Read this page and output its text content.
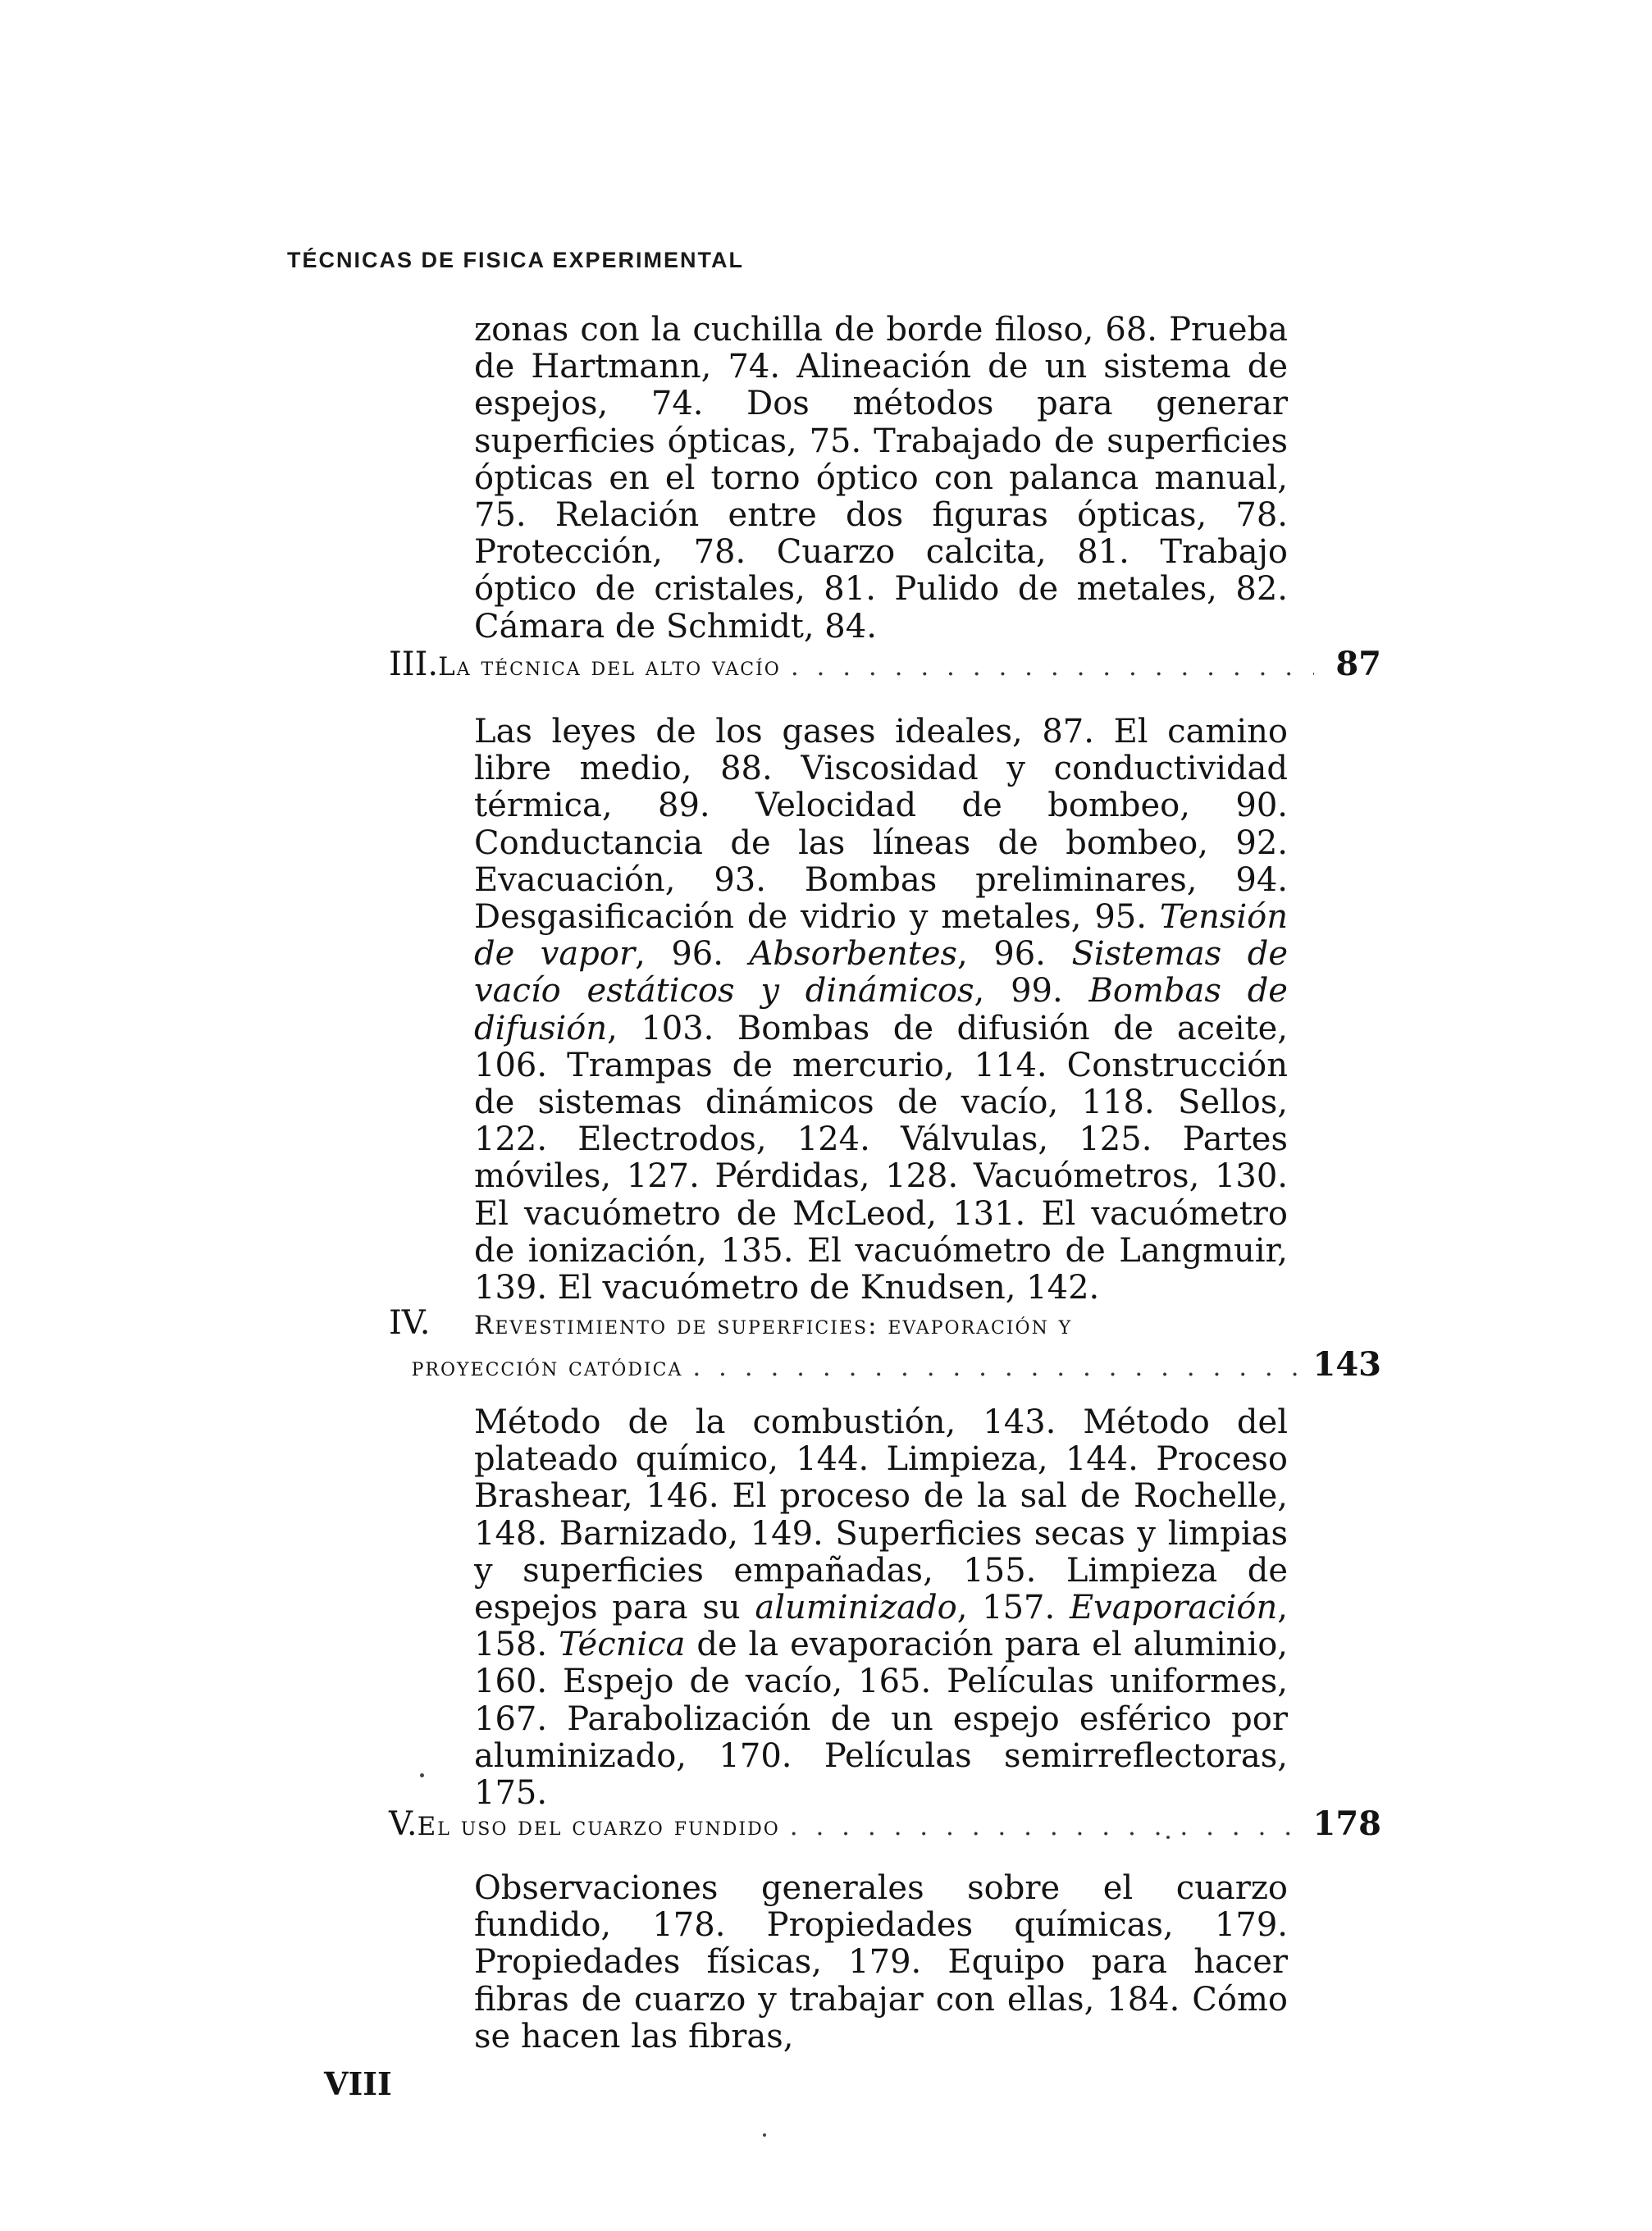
TÉCNICAS DE FISICA EXPERIMENTAL

zonas con la cuchilla de borde filoso, 68. Prueba de Hartmann, 74. Alineación de un sistema de espejos, 74. Dos métodos para generar superficies ópticas, 75. Trabajado de superficies ópticas en el torno óptico con palanca manual, 75. Relación entre dos figuras ópticas, 78. Protección, 78. Cuarzo calcita, 81. Trabajo óptico de cristales, 81. Pulido de metales, 82. Cámara de Schmidt, 84.

III. La técnica del alto vacío . . .	87

Las leyes de los gases ideales, 87. El camino libre medio, 88. Viscosidad y conductividad térmica, 89. Velocidad de bombeo, 90. Conductancia de las líneas de bombeo, 92. Evacuación, 93. Bombas preliminares, 94. Desgasificación de vidrio y metales, 95. Tensión de vapor, 96. Absorbentes, 96. Sistemas de vacío estáticos y dinámicos, 99. Bombas de difusión, 103. Bombas de difusión de aceite, 106. Trampas de mercurio, 114. Construcción de sistemas dinámicos de vacío, 118. Sellos, 122. Electrodos, 124. Válvulas, 125. Partes móviles, 127. Pérdidas, 128. Vacuómetros, 130. El vacuómetro de McLeod, 131. El vacuómetro de ionización, 135. El vacuómetro de Langmuir, 139. El vacuómetro de Knudsen, 142.

IV.	Revestimiento de superficies: evaporación y
proyección catódica . . .	143

Método de la combustión, 143. Método del plateado químico, 144. Limpieza, 144. Proceso Brashear, 146. El proceso de la sal de Rochelle, 148. Barnizado, 149. Superficies secas y limpias y superficies empañadas, 155. Limpieza de espejos para su aluminizado, 157. Evaporación, 158. Técnica de la evaporación para el aluminio, 160. Espejo de vacío, 165. Películas uniformes, 167. Parabolización de un espejo esférico por aluminizado, 170. Películas semirreflectoras, 175.

V. El uso del cuarzo fundido . . .	178

Observaciones generales sobre el cuarzo fundido, 178. Propiedades químicas, 179. Propiedades físicas, 179. Equipo para hacer fibras de cuarzo y trabajar con ellas, 184. Cómo se hacen las fibras,

VIII
